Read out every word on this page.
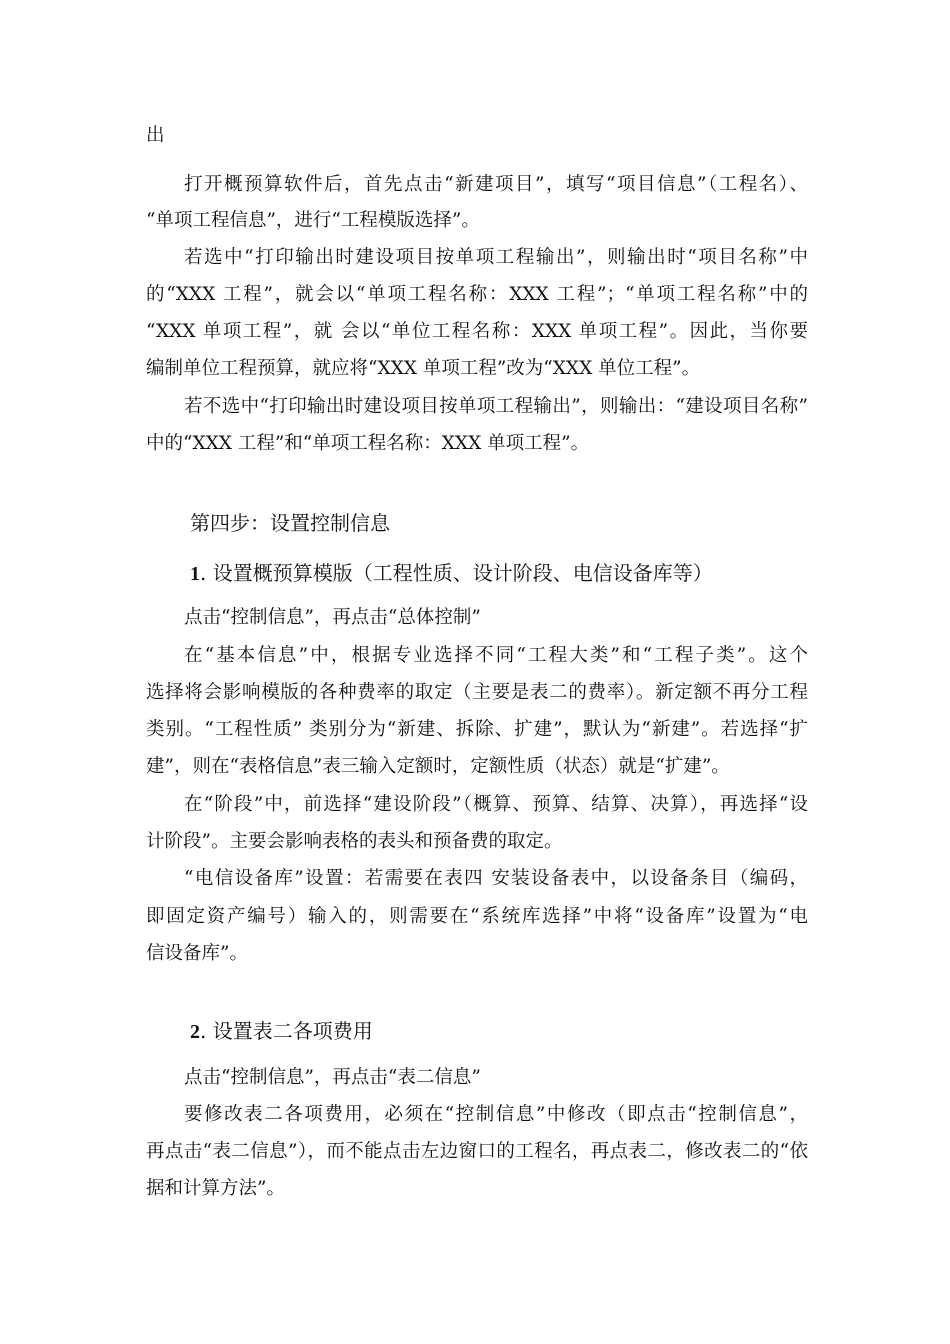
出
打开概预算软件后，首先点击“新建项目”，填写“项目信息”（工程名）、
“单项工程信息”，进行“工程模版选择”。
若选中“打印输出时建设项目按单项工程输出”，则输出时“项目名称”中
的“XXX 工程”，就会以“单项工程名称：XXX 工程”；“单项工程名称”中的
“XXX 单项工程”，就 会以“单位工程名称：XXX 单项工程”。因此，当你要
编制单位工程预算，就应将“XXX 单项工程”改为“XXX 单位工程”。
若不选中“打印输出时建设项目按单项工程输出”，则输出：“建设项目名称”
中的“XXX 工程”和“单项工程名称：XXX 单项工程”。
第四步：设置控制信息
1. 设置概预算模版（工程性质、设计阶段、电信设备库等）
点击“控制信息”，再点击“总体控制”
在“基本信息”中，根据专业选择不同“工程大类”和“工程子类”。这个
选择将会影响模版的各种费率的取定（主要是表二的费率）。新定额不再分工程
类别。“工程性质” 类别分为“新建、拆除、扩建”，默认为“新建”。若选择“扩
建”，则在“表格信息”表三输入定额时，定额性质（状态）就是“扩建”。
在“阶段”中，前选择“建设阶段”（概算、预算、结算、决算），再选择“设
计阶段”。主要会影响表格的表头和预备费的取定。
“电信设备库”设置：若需要在表四 安装设备表中，以设备条目（编码，
即固定资产编号）输入的，则需要在“系统库选择”中将“设备库”设置为“电
信设备库”。
2. 设置表二各项费用
点击“控制信息”，再点击“表二信息”
要修改表二各项费用，必须在“控制信息”中修改（即点击“控制信息”，
再点击“表二信息”），而不能点击左边窗口的工程名，再点表二，修改表二的“依
据和计算方法”。
